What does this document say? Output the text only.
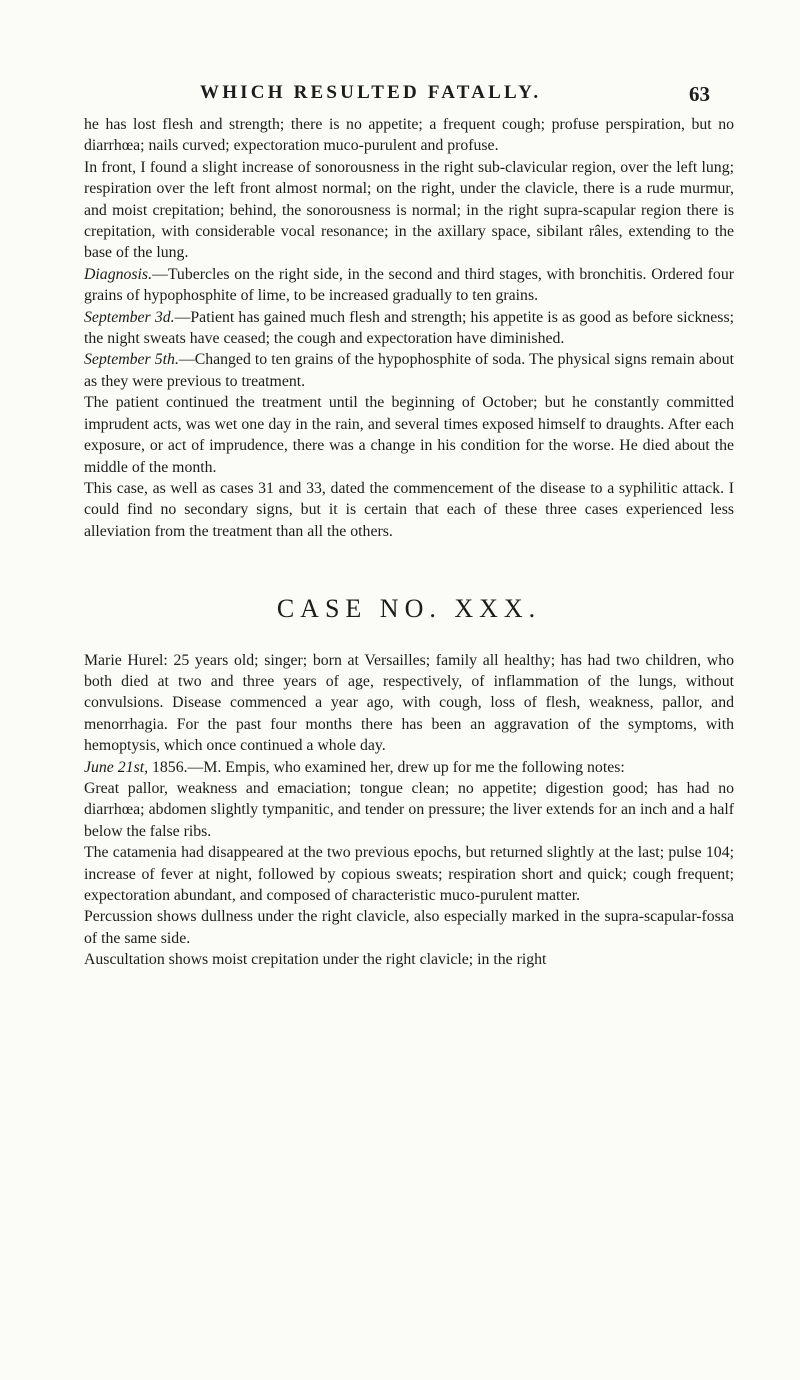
WHICH RESULTED FATALLY.	63

he has lost flesh and strength; there is no appetite; a frequent cough; profuse perspiration, but no diarrhœa; nails curved; expectoration muco-purulent and profuse.

In front, I found a slight increase of sonorousness in the right sub-clavicular region, over the left lung; respiration over the left front almost normal; on the right, under the clavicle, there is a rude murmur, and moist crepitation; behind, the sonorousness is normal; in the right supra-scapular region there is crepitation, with considerable vocal resonance; in the axillary space, sibilant râles, extending to the base of the lung.

Diagnosis.—Tubercles on the right side, in the second and third stages, with bronchitis. Ordered four grains of hypophosphite of lime, to be increased gradually to ten grains.

September 3d.—Patient has gained much flesh and strength; his appetite is as good as before sickness; the night sweats have ceased; the cough and expectoration have diminished.

September 5th.—Changed to ten grains of the hypophosphite of soda. The physical signs remain about as they were previous to treatment.

The patient continued the treatment until the beginning of October; but he constantly committed imprudent acts, was wet one day in the rain, and several times exposed himself to draughts. After each exposure, or act of imprudence, there was a change in his condition for the worse. He died about the middle of the month.

This case, as well as cases 31 and 33, dated the commencement of the disease to a syphilitic attack. I could find no secondary signs, but it is certain that each of these three cases experienced less alleviation from the treatment than all the others.

CASE NO. XXX.

Marie Hurel: 25 years old; singer; born at Versailles; family all healthy; has had two children, who both died at two and three years of age, respectively, of inflammation of the lungs, without convulsions. Disease commenced a year ago, with cough, loss of flesh, weakness, pallor, and menorrhagia. For the past four months there has been an aggravation of the symptoms, with hemoptysis, which once continued a whole day.

June 21st, 1856.—M. Empis, who examined her, drew up for me the following notes:

Great pallor, weakness and emaciation; tongue clean; no appetite; digestion good; has had no diarrhœa; abdomen slightly tympanitic, and tender on pressure; the liver extends for an inch and a half below the false ribs.

The catamenia had disappeared at the two previous epochs, but returned slightly at the last; pulse 104; increase of fever at night, followed by copious sweats; respiration short and quick; cough frequent; expectoration abundant, and composed of characteristic muco-purulent matter.

Percussion shows dullness under the right clavicle, also especially marked in the supra-scapular-fossa of the same side.

Auscultation shows moist crepitation under the right clavicle; in the right
